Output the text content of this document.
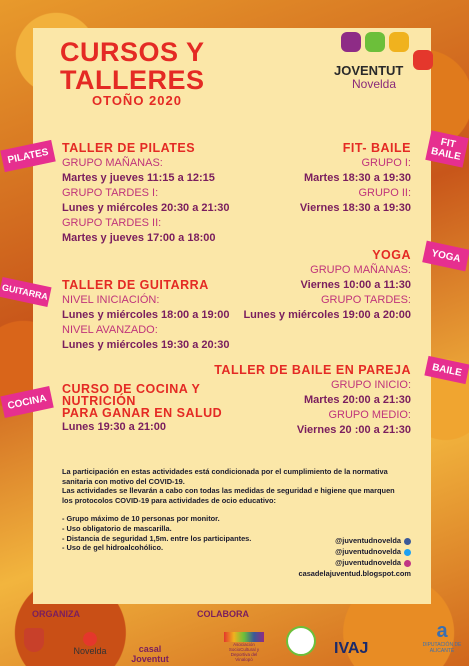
CURSOS Y
TALLERES
OTOÑO 2020
JOVENTUT
Novelda
PILATES
GUITARRA
COCINA
FIT
BAILE
YOGA
BAILE
TALLER DE PILATES
GRUPO MAÑANAS:
Martes y jueves 11:15 a 12:15
GRUPO TARDES I:
Lunes y miércoles 20:30 a 21:30
GRUPO TARDES II:
Martes y jueves 17:00 a 18:00
TALLER DE GUITARRA
NIVEL INICIACIÓN:
Lunes y miércoles 18:00 a 19:00
NIVEL AVANZADO:
Lunes y miércoles 19:30 a 20:30
CURSO DE COCINA Y
NUTRICIÓN
PARA GANAR EN SALUD
Lunes 19:30 a 21:00
FIT- BAILE
GRUPO I:
Martes 18:30 a 19:30
GRUPO II:
Viernes 18:30 a 19:30
YOGA
GRUPO MAÑANAS:
Viernes 10:00 a 11:30
GRUPO TARDES:
Lunes y miércoles 19:00 a 20:00
TALLER DE BAILE EN PAREJA
GRUPO INICIO:
Martes 20:00 a 21:30
GRUPO MEDIO:
Viernes 20 :00 a 21:30
La participación en estas actividades está condicionada por el cumplimiento de la normativa sanitaria con motivo del COVID-19.
Las actividades se llevarán a cabo con todas las medidas de seguridad e higiene que marquen los protocolos COVID-19 para actividades de ocio educativo:
- Grupo máximo de 10 personas por monitor.
- Uso obligatorio de mascarilla.
- Distancia de seguridad 1,5m. entre los participantes.
- Uso de gel hidroalcohólico.
@juventudnovelda
@juventudnovelda
@juventudnovelda
casadelajuventud.blogspot.com
ORGANIZA	COLABORA
Novelda	casal Joventut
Asociación SocioCultural y Deportiva del Vinalopó
IVAJ
a
DIPUTACIÓN DE ALICANTE
